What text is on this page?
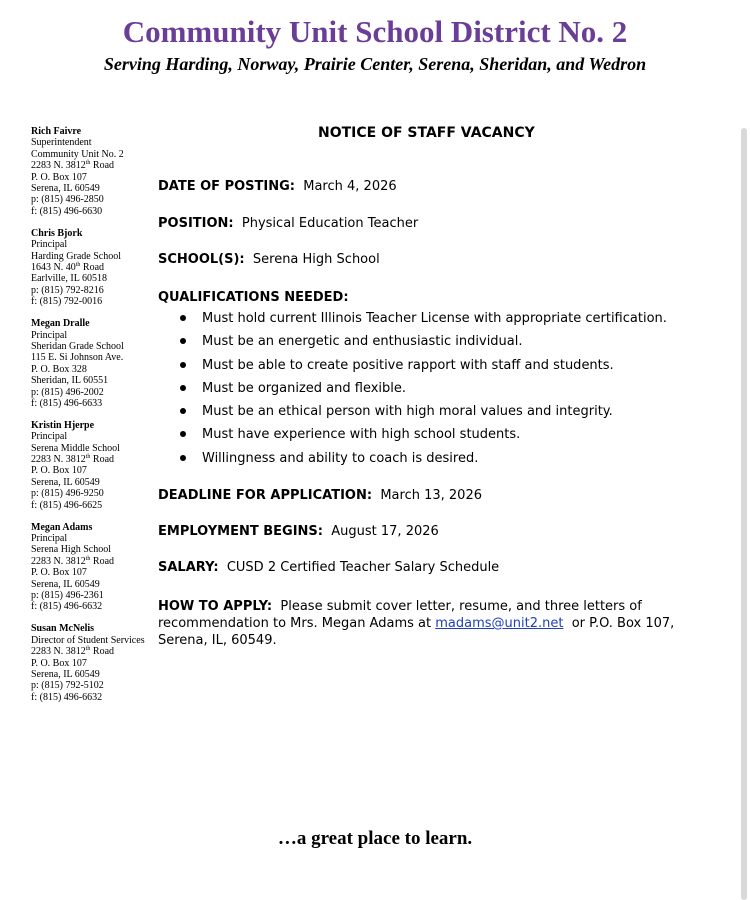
Community Unit School District No. 2
Serving Harding, Norway, Prairie Center, Serena, Sheridan, and Wedron
Rich Faivre
Superintendent
Community Unit No. 2
2283 N. 3812th Road
P. O. Box 107
Serena, IL 60549
p: (815) 496-2850
f: (815) 496-6630
Chris Bjork
Principal
Harding Grade School
1643 N. 40th Road
Earlville, IL 60518
p: (815) 792-8216
f: (815) 792-0016
Megan Dralle
Principal
Sheridan Grade School
115 E. Si Johnson Ave.
P. O. Box 328
Sheridan, IL 60551
p: (815) 496-2002
f: (815) 496-6633
Kristin Hjerpe
Principal
Serena Middle School
2283 N. 3812th Road
P. O. Box 107
Serena, IL 60549
p: (815) 496-9250
f: (815) 496-6625
Megan Adams
Principal
Serena High School
2283 N. 3812th Road
P. O. Box 107
Serena, IL 60549
p: (815) 496-2361
f: (815) 496-6632
Susan McNelis
Director of Student Services
2283 N. 3812th Road
P. O. Box 107
Serena, IL 60549
p: (815) 792-5102
f: (815) 496-6632
NOTICE OF STAFF VACANCY
DATE OF POSTING: March 4, 2026
POSITION: Physical Education Teacher
SCHOOL(S): Serena High School
QUALIFICATIONS NEEDED:
Must hold current Illinois Teacher License with appropriate certification.
Must be an energetic and enthusiastic individual.
Must be able to create positive rapport with staff and students.
Must be organized and flexible.
Must be an ethical person with high moral values and integrity.
Must have experience with high school students.
Willingness and ability to coach is desired.
DEADLINE FOR APPLICATION: March 13, 2026
EMPLOYMENT BEGINS: August 17, 2026
SALARY: CUSD 2 Certified Teacher Salary Schedule
HOW TO APPLY: Please submit cover letter, resume, and three letters of recommendation to Mrs. Megan Adams at madams@unit2.net or P.O. Box 107, Serena, IL, 60549.
…a great place to learn.
